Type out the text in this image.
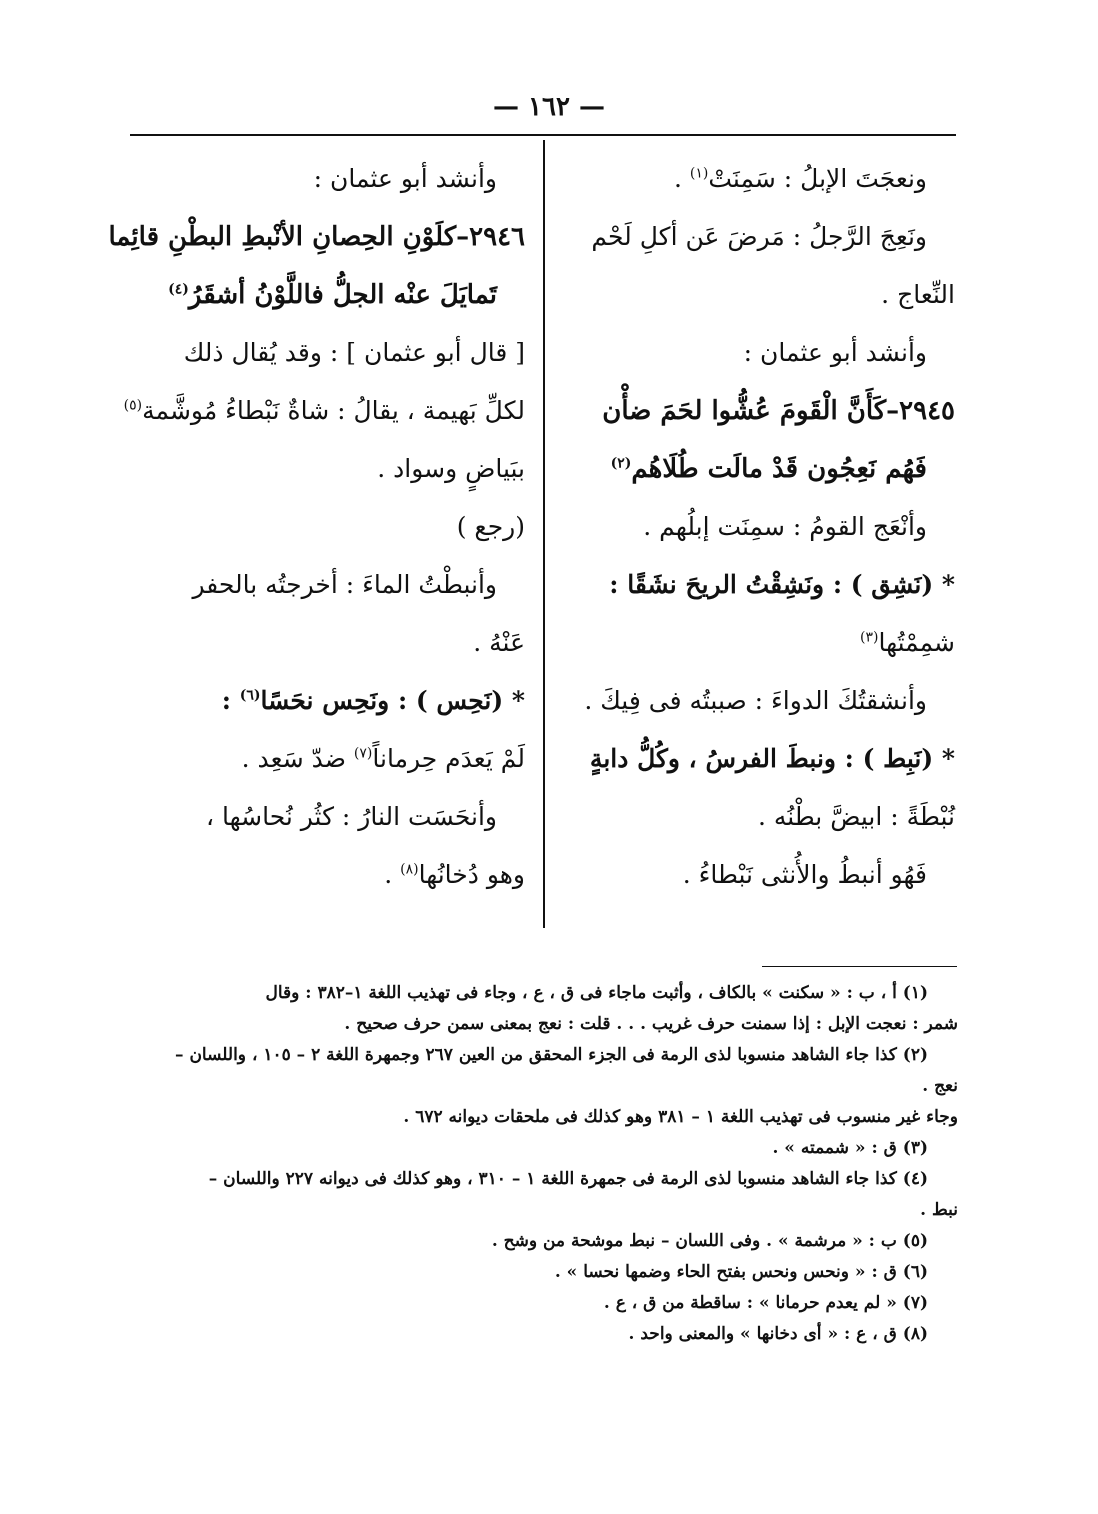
— ١٦٢ —
ونعجَتَ الإبلُ : سَمِنَتْ$^{(١)}$ .
ونَعِجَ الرَّجلُ : مَرضَ عَن أكلِ لَحْم
النِّعاج .
وأنشد أبو عثمان :
٢٩٤٥–كَأَنَّ الْقَومَ عُشُّوا لحَمَ ضأْن
فَهُم نَعِجُون قَدْ مالَت طُلَاهُم$^{(٢)}$
وأنْعَج القومُ : سمِنَت إبلُهم .
* (نَشِق ) : ونَشِقْتُ الريحَ نشَقًا :
شمِمْتُها$^{(٣)}$
وأنشقتُكَ الدواءَ : صببتُه فى فِيكَ .
* (نَبِط ) : ونبطَ الفرسُ ، وكُلُّ دابةٍ
نُبْطَةً : ابيضَّ بطْنُه .
فَهُو أنبطُ والأُنثى نَبْطاءُ .
وأنشد أبو عثمان :
٢٩٤٦–كلَوْنِ الحِصانِ الأنْبطِ البطْنِ قائِما
تَمايَلَ عنْه الجلُّ فاللَّوْنُ أشقَرُ$^{(٤)}$
[ قال أبو عثمان ] : وقد يُقال ذلك
لكلِّ بَهيمة ، يقالُ : شاةٌ نَبْطاءُ مُوشَّمة$^{(٥)}$
ببَياضٍ وسواد .
(رجع )
وأنبطْتُ الماءَ : أخرجتُه بالحفر
عَنْهُ .
* (نَحِس ) : ونَحِس نحَسًا$^{(٦)}$ :
لَمْ يَعدَم حِرماناً$^{(٧)}$ ضدّ سَعِد .
وأنحَسَت النارُ : كثُر نُحاسُها ،
وهو دُخانُها$^{(٨)}$ .
(١) أ ، ب : « سكنت » بالكاف ، وأثبت ماجاء فى ق ، ع ، وجاء فى تهذيب اللغة ١–٣٨٢ : وقال
شمر : نعجت الإبل : إذا سمنت حرف غريب . . . قلت : نعج بمعنى سمن حرف صحيح .
(٢) كذا جاء الشاهد منسوبا لذى الرمة فى الجزء المحقق من العين ٢٦٧ وجمهرة اللغة ٢ – ١٠٥ ، واللسان –
نعج .
وجاء غير منسوب فى تهذيب اللغة ١ – ٣٨١ وهو كذلك فى ملحقات ديوانه ٦٧٢ .
(٣) ق : « شممته » .
(٤) كذا جاء الشاهد منسوبا لذى الرمة فى جمهرة اللغة ١ – ٣١٠ ، وهو كذلك فى ديوانه ٢٢٧ واللسان –
نبط .
(٥) ب : « مرشمة » . وفى اللسان – نبط موشحة من وشح .
(٦) ق : « ونحس ونحس بفتح الحاء وضمها نحسا » .
(٧) « لم يعدم حرمانا » : ساقطة من ق ، ع .
(٨) ق ، ع : « أى دخانها » والمعنى واحد .
